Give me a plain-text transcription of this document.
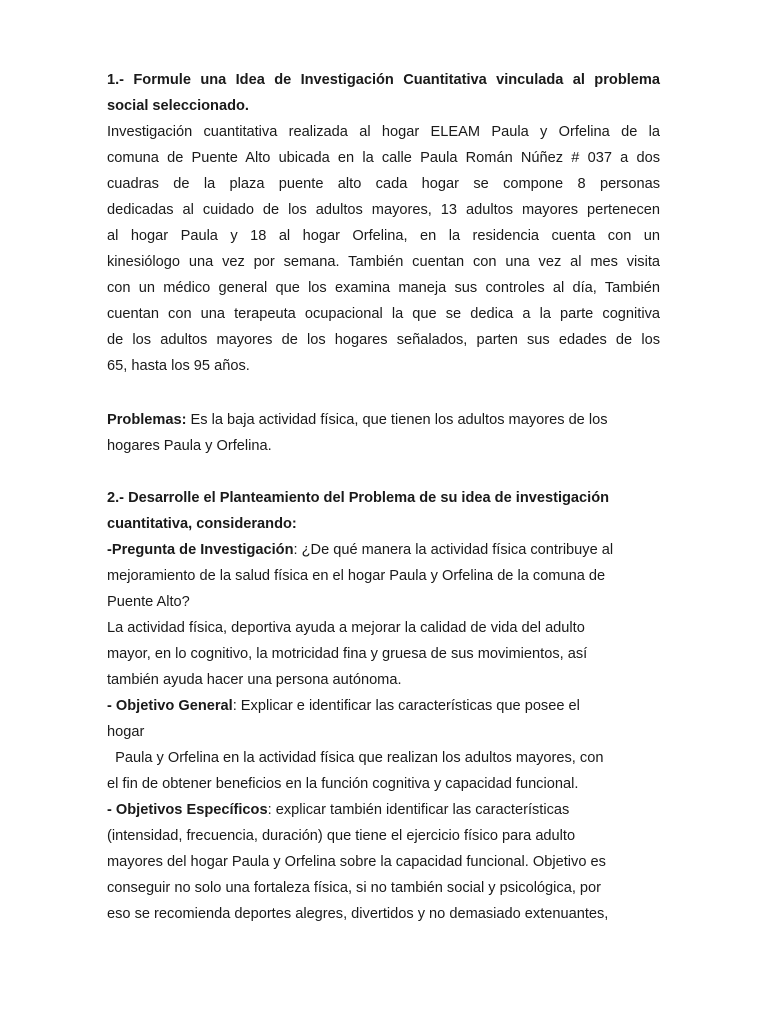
1.- Formule una Idea de Investigación Cuantitativa vinculada al problema
social seleccionado.
Investigación cuantitativa realizada al hogar ELEAM Paula y Orfelina de la
comuna de Puente Alto ubicada en la calle Paula Román Núñez # 037 a dos
cuadras de la plaza puente alto cada hogar se compone 8 personas
dedicadas al cuidado de los adultos mayores, 13 adultos mayores pertenecen
al hogar Paula y 18 al hogar Orfelina, en la residencia cuenta con un
kinesiólogo una vez por semana. También cuentan con una vez al mes visita
con un médico general que los examina maneja sus controles al día, También
cuentan con una terapeuta ocupacional la que se dedica a la parte cognitiva
de los adultos mayores de los hogares señalados, parten sus edades de los
65, hasta los 95 años.
Problemas: Es la baja actividad física, que tienen los adultos mayores de los
hogares Paula y Orfelina.
2.- Desarrolle el Planteamiento del Problema de su idea de investigación
cuantitativa, considerando:
-Pregunta de Investigación: ¿De qué manera la actividad física contribuye al
mejoramiento de la salud física en el hogar Paula y Orfelina de la comuna de
Puente Alto?
La actividad física, deportiva ayuda a mejorar la calidad de vida del adulto
mayor, en lo cognitivo, la motricidad fina y gruesa de sus movimientos, así
también ayuda hacer una persona autónoma.
- Objetivo General: Explicar e identificar las características que posee el
hogar
Paula y Orfelina en la actividad física que realizan los adultos mayores, con
el fin de obtener beneficios en la función cognitiva y capacidad funcional.
- Objetivos Específicos: explicar también identificar las características
(intensidad, frecuencia, duración) que tiene el ejercicio físico para adulto
mayores del hogar Paula y Orfelina sobre la capacidad funcional. Objetivo es
conseguir no solo una fortaleza física, si no también social y psicológica, por
eso se recomienda deportes alegres, divertidos y no demasiado extenuantes,
